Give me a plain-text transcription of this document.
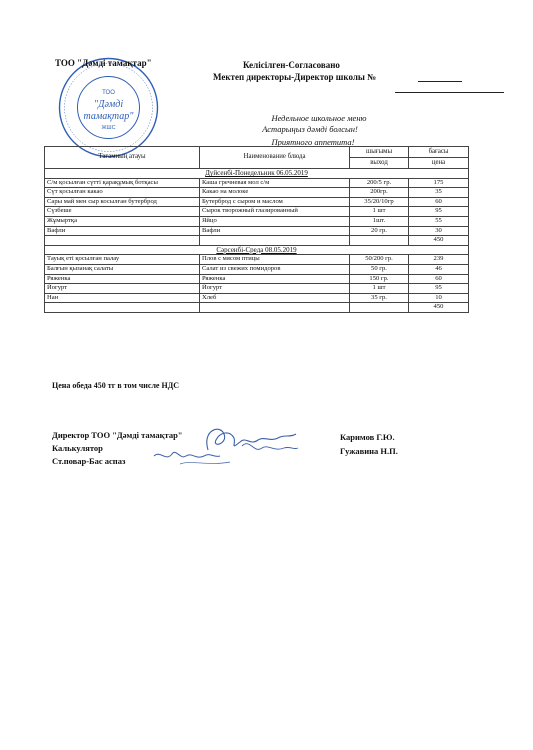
ТОО
"Дәмді
тамақтар"
ЖШС
ТОО "Дәмді тамақтар"	Келісілген-Согласовано
Мектеп директоры-Директор школы №
Недельное школьное меню
Астарыңыз дәмді болсын!
Приятного аппетита!
Тағамның атауы	Наименование блюда	шығымы	бағасы
		выход	цена
Дүйсенбі-Понедельник 06.05.2019			
С/м қосылған сүтті қарақұмық ботқасы	Каша гречневая мол с/м	200/5 гр.	175
Сүт қосылған какао	Какао на молоке	200гр.	35
Сары май мен сыр косылған бутерброд	Бутерброд с сыром и маслом	35/20/10гр	60
Сүзбеше	Сырок творожный глазированный	1 шт	95
Жұмыртқа	Яйцо	1шт.	55
Вафли	Вафли	20 гр.	30
			450
Сәрсенбі-Среда 08.05.2019			
Тауық еті қосылған палау	Плов с мясом птицы	50/200 гр.	239
Балғын қызанақ салаты	Салат из свежих помидоров	50 гр.	46
Ряженка	Ряженка	150 гр.	60
Йогурт	Йогурт	1 шт	95
Нан	Хлеб	35 гр.	10
			450
Цена обеда 450 тг в том числе НДС
Директор ТОО "Дәмді тамақтар"
Калькулятор
Ст.повар-Бас аспаз
Каримов Г.Ю.
Гужавина Н.П.
